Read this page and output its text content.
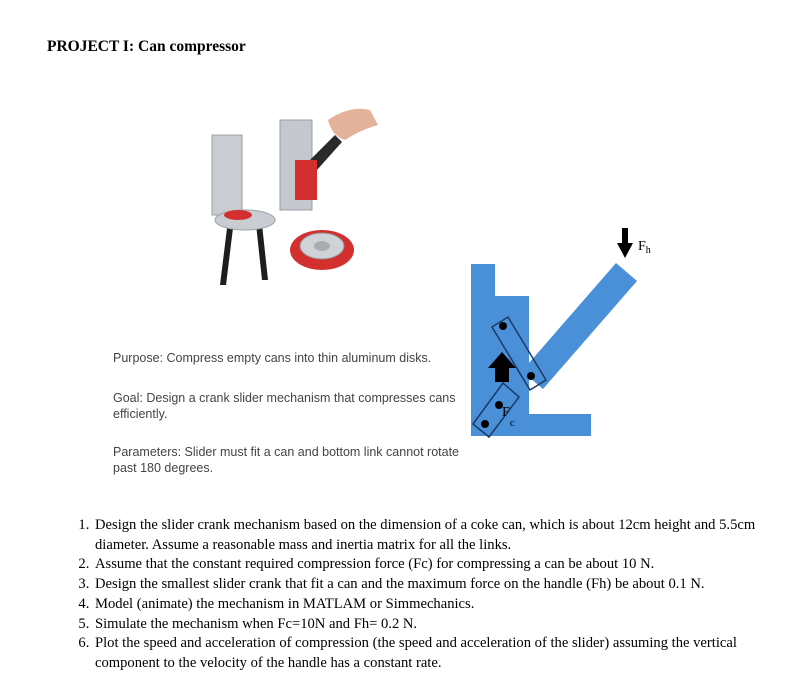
PROJECT I: Can compressor
Purpose: Compress empty cans into thin aluminum disks.
Goal: Design a crank slider mechanism that compresses cans efficiently.
Parameters: Slider must fit a can and bottom link cannot rotate past 180 degrees.
$F_h$
$F_c$
1. Design the slider crank mechanism based on the dimension of a coke can, which is about 12cm height and 5.5cm diameter. Assume a reasonable mass and inertia matrix for all the links.
2. Assume that the constant required compression force (Fc) for compressing a can be about 10 N.
3. Design the smallest slider crank that fit a can and the maximum force on the handle (Fh) be about 0.1 N.
4. Model (animate) the mechanism in MATLAM or Simmechanics.
5. Simulate the mechanism when Fc=10N and Fh= 0.2 N.
6. Plot the speed and acceleration of compression (the speed and acceleration of the slider) assuming the vertical component to the velocity of the handle has a constant rate.
